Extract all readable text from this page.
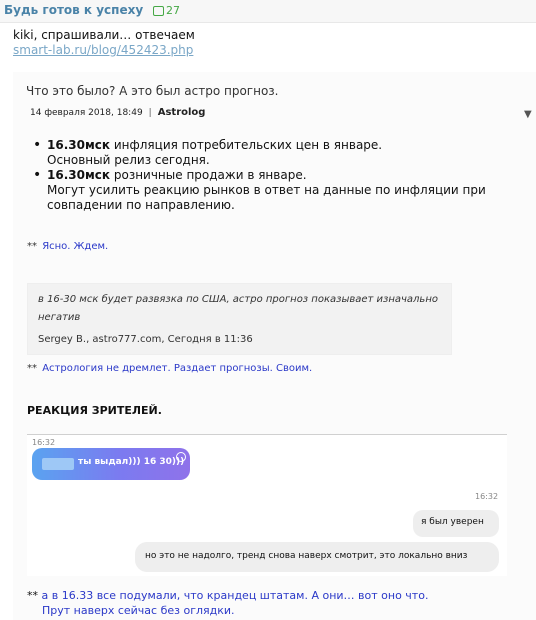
Будь готов к успеху 27
kiki, спрашивали… отвечаем
smart-lab.ru/blog/452423.php
Что это было? А это был астро прогноз.
▼
14 февраля 2018, 18:49 | Astrolog
• 16.30мск инфляция потребительских цен в январе.
Основный релиз сегодня.
• 16.30мск розничные продажи в январе.
Могут усилить реакцию рынков в ответ на данные по инфляции при
совпадении по направлению.
** Ясно. Ждем.
в 16-30 мск будет развязка по США, астро прогноз показывает изначально негатив
Sergey B., astro777.com, Сегодня в 11:36
** Астрология не дремлет. Раздает прогнозы. Своим.
РЕАКЦИЯ ЗРИТЕЛЕЙ.
16:32
ты выдал))) 16 30)))
16:32
я был уверен
но это не надолго, тренд снова наверх смотрит, это локально вниз
** а в 16.33 все подумали, что крандец штатам. А они… вот оно что.
Прут наверх сейчас без оглядки.
